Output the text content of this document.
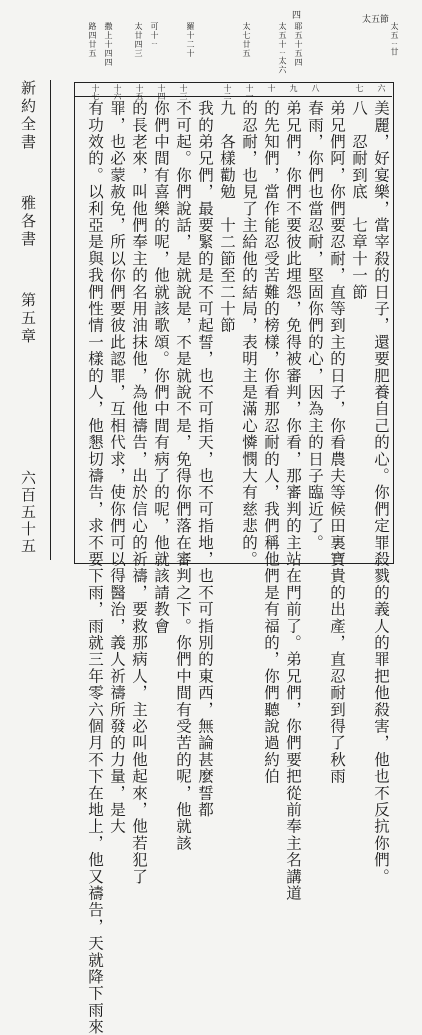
四	太五節
太五ㄧ廿
耶五十五四
太五十ㄧ太六
太七廿五
羅十二十
可十ㄧ
太廿四三
撒上十四四
路四廿五
六
七
八
九
十
十一
十二
十三
十四
十五
十六
十七
美麗，好宴樂，當宰殺的日子，還要肥養自己的心。你們定罪殺戮的義人的罪把他殺害，他也不反抗你們。
八　忍耐到底　七章十一節
弟兄們阿，你們要忍耐，直等到主的日子，你看農夫等候田裏寶貴的出產，直忍耐到得了秋雨
春雨，你們也當忍耐，堅固你們的心，因為主的日子臨近了。
弟兄們，你們不要彼此埋怨，免得被審判，你看，那審判的主站在門前了。弟兄們，你們要把從前奉主名講道
的先知們，當作能忍受苦難的榜樣，你看那忍耐的人，我們稱他們是有福的，你們聽說過約伯
的忍耐，也見了主給他的結局，表明主是滿心憐憫大有慈悲的。
九　各樣勸勉　十二節至二十節
我的弟兄們，最要緊的是不可起誓，也不可指天，也不可指地，也不可指別的東西，無論甚麼誓都
不可起。你們說話，是就說是，不是就說不是，免得你們落在審判之下。你們中間有受苦的呢，他就該
你們中間有喜樂的呢，他就該歌頌。你們中間有病了的呢，他就該請教會
的長老來，叫他們奉主的名用油抹他，為他禱告，出於信心的祈禱，要救那病人，主必叫他起來，他若犯了
罪，也必蒙赦免，所以你們要彼此認罪，互相代求，使你們可以得醫治，義人祈禱所發的力量，是大
有功效的。以利亞是與我們性情一樣的人，他懇切禱告，求不要下雨，雨就三年零六個月不下在地上，他又禱告，天就降下雨來
新約全書 雅各書 第五章
六百五十五
